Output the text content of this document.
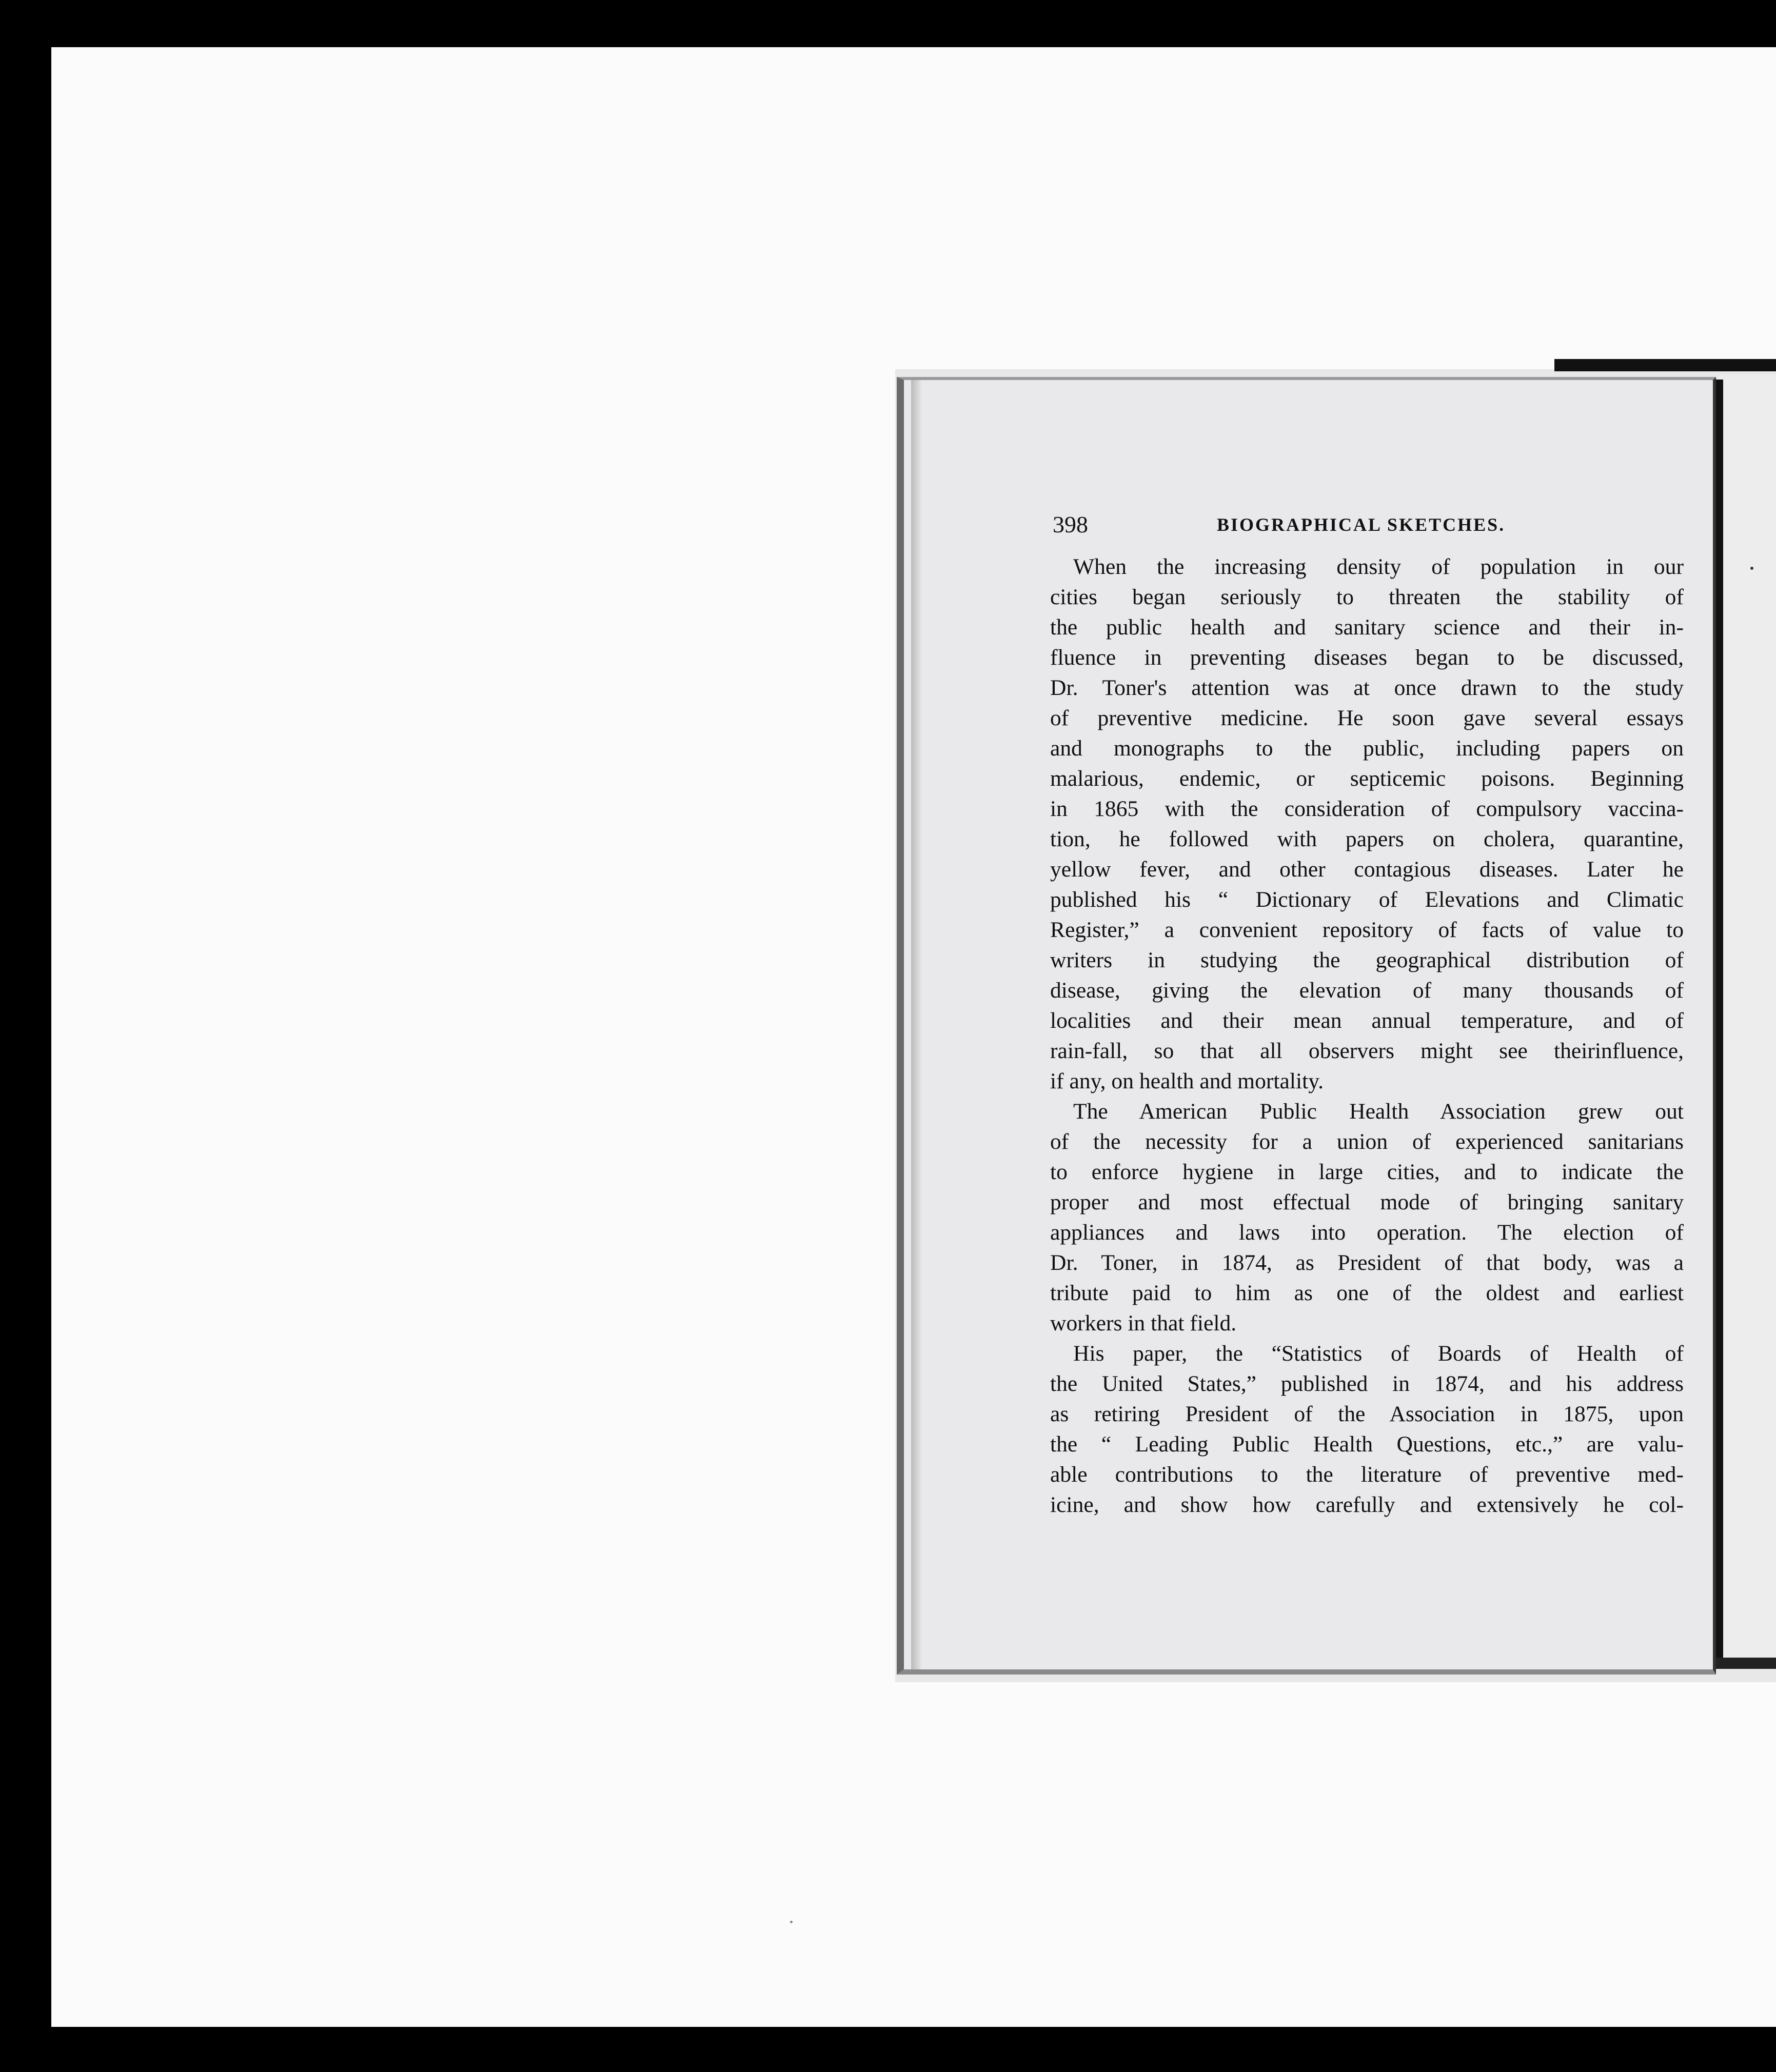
398	BIOGRAPHICAL SKETCHES.

When the increasing density of population in our
cities began seriously to threaten the stability of
the public health and sanitary science and their in-
fluence in preventing diseases began to be discussed,
Dr. Toner's attention was at once drawn to the study
of preventive medicine. He soon gave several essays
and monographs to the public, including papers on
malarious, endemic, or septicemic poisons. Beginning
in 1865 with the consideration of compulsory vaccina-
tion, he followed with papers on cholera, quarantine,
yellow fever, and other contagious diseases. Later he
published his “ Dictionary of Elevations and Climatic
Register,” a convenient repository of facts of value to
writers in studying the geographical distribution of
disease, giving the elevation of many thousands of
localities and their mean annual temperature, and of
rain-fall, so that all observers might see theirinfluence,
if any, on health and mortality.

The American Public Health Association grew out
of the necessity for a union of experienced sanitarians
to enforce hygiene in large cities, and to indicate the
proper and most effectual mode of bringing sanitary
appliances and laws into operation. The election of
Dr. Toner, in 1874, as President of that body, was a
tribute paid to him as one of the oldest and earliest
workers in that field.

His paper, the “Statistics of Boards of Health of
the United States,” published in 1874, and his address
as retiring President of the Association in 1875, upon
the “ Leading Public Health Questions, etc.,” are valu-
able contributions to the literature of preventive med-
icine, and show how carefully and extensively he col-
